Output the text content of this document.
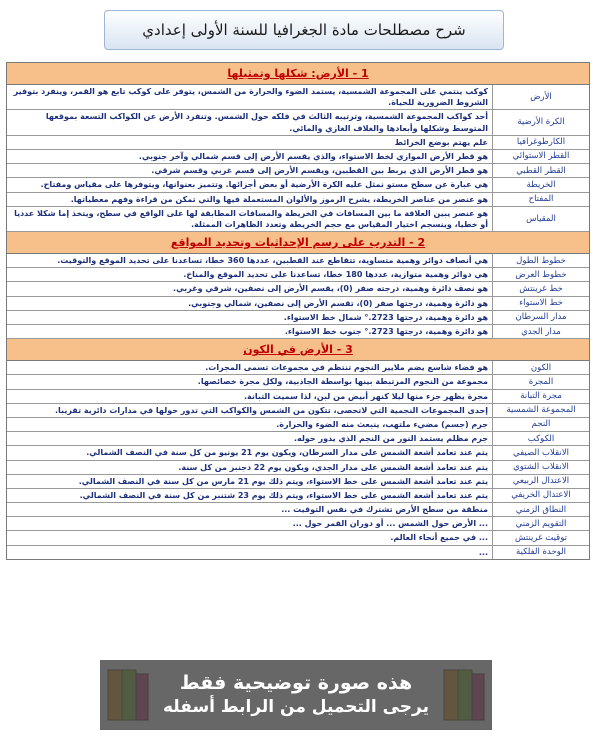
شرح مصطلحات مادة الجغرافيا للسنة الأولى إعدادي
1 - الأرض: شكلها وتمثيلها
الأرض
كوكب ينتمي على المجموعة الشمسية، يستمد الضوء والحرارة من الشمس، يتوفر على كوكب تابع هو القمر، وينفرد بتوفير الشروط الضرورية للحياة.
الكرة الأرضية
أحد كواكب المجموعة الشمسية، وترتيبه الثالث في فلكه حول الشمس. وتنفرد الأرض عن الكواكب التسعة بموقعها المتوسط وشكلها وأبعادها والغلاف الغازي والمائي.
الكارطوغرافيا
علم يهتم بوضع الخرائط
القطر الاستوائي
هو قطر الأرض الموازي لخط الاستواء، والذي يقسم الأرض إلى قسم شمالي وآخر جنوبي.
القطر القطبي
هو قطر الأرض الذي يربط بين القطبين، ويقسم الأرض إلى قسم غربي وقسم شرقي.
الخريطة
هي عبارة عن سطح مستو نمثل عليه الكرة الأرضية أو بعض أجزائها. وتتميز بعنوانها، ويتوفرها على مقياس ومفتاح.
المفتاح
هو عنصر من عناصر الخريطة، يشرح الرموز والألوان المستعملة فيها والتي تمكن من قراءة وفهم معطياتها.
المقياس
هو عنصر يبين العلاقة ما بين المسافات في الخريطة والمسافات المطابقة لها على الواقع في سطح، ويتخذ إما شكلا عدديا أو خطيا، وينسجم اختيار المقياس مع حجم الخريطة وتعدد الظاهرات الممثلة.
2 - التدرب على رسم الإحداثيات وتحديد المواقع
خطوط الطول
هي أنصاف دوائر وهمية متساوية، تتقاطع عند القطبين، عددها 360 خطا، تساعدنا على تحديد الموقع والتوقيت.
خطوط العرض
هي دوائر وهمية متوازية، عددها 180 خطا، تساعدنا على تحديد الموقع والمناخ.
خط غرينتش
هو نصف دائرة وهمية، درجته صفر (0)، يقسم الأرض إلى نصفين، شرقي وغربي.
خط الاستواء
هو دائرة وهمية، درجتها صفر (0)، تقسم الأرض إلى نصفين، شمالي وجنوبي.
مدار السرطان
هو دائرة وهمية، درجتها 2723.° شمال خط الاستواء.
مدار الجدي
هو دائرة وهمية، درجتها 2723.° جنوب خط الاستواء.
3 - الأرض في الكون
الكون
هو فضاء شاسع يضم ملايير النجوم تنتظم في مجموعات تسمى المجرات.
المجرة
مجموعة من النجوم المرتبطة بينها بواسطة الجاذبية، ولكل مجرة خصائصها.
مجرة التبانة
مجرة يظهر جزء منها ليلا كنهر أبيض من لبن، لذا سميت التبانة.
المجموعة الشمسية
إحدى المجموعات النجمية التي لاتحصى، تتكون من الشمس والكواكب التي تدور حولها في مدارات دائرية تقريبا.
النجم
جرم (جسم) مضيء ملتهب، ينبعث منه الضوء والحرارة.
الكوكب
جرم مظلم يستمد النور من النجم الذي يدور حوله.
الانقلاب الصيفي
يتم عند تعامد أشعة الشمس على مدار السرطان، ويكون يوم 21 يونيو من كل سنة في النصف الشمالي.
الانقلاب الشتوي
يتم عند تعامد أشعة الشمس على مدار الجدي، ويكون يوم 22 دجنبر من كل سنة.
الاعتدال الربيعي
يتم عند تعامد أشعة الشمس على خط الاستواء، ويتم ذلك يوم 21 مارس من كل سنة في النصف الشمالي.
الاعتدال الخريفي
يتم عند تعامد أشعة الشمس على خط الاستواء، ويتم ذلك يوم 23 شتنبر من كل سنة في النصف الشمالي.
النطاق الزمني
منطقة من سطح الأرض تشترك في نفس التوقيت ...
التقويم الزمني
... الأرض حول الشمس ... أو دوران القمر حول ...
توقيت غرينتش
... في جميع أنحاء العالم.
الوحدة الفلكية
...
هذه صورة توضيحية فقط
يرجى التحميل من الرابط أسفله
